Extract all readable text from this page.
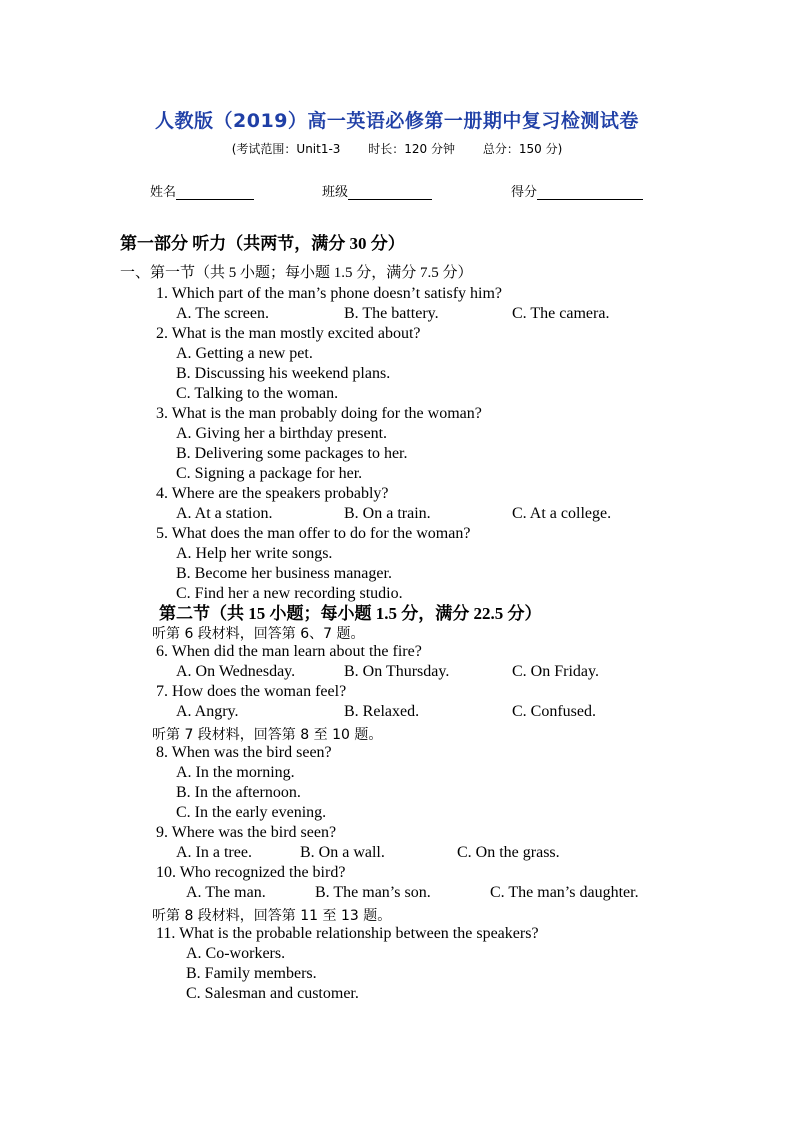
人教版（2019）高一英语必修第一册期中复习检测试卷
(考试范围：Unit1-3 时长：120 分钟 总分：150 分)
姓名	班级	得分
第一部分 听力（共两节，满分 30 分）
一、第一节（共 5 小题；每小题 1.5 分，满分 7.5 分）
1. Which part of the man’s phone doesn’t satisfy him?
A. The screen.	B. The battery.	C. The camera.
2. What is the man mostly excited about?
A. Getting a new pet.
B. Discussing his weekend plans.
C. Talking to the woman.
3. What is the man probably doing for the woman?
A. Giving her a birthday present.
B. Delivering some packages to her.
C. Signing a package for her.
4. Where are the speakers probably?
A. At a station.	B. On a train.	C. At a college.
5. What does the man offer to do for the woman?
A. Help her write songs.
B. Become her business manager.
C. Find her a new recording studio.
第二节（共 15 小题；每小题 1.5 分，满分 22.5 分）
听第 6 段材料，回答第 6、7 题。
6. When did the man learn about the fire?
A. On Wednesday.	B. On Thursday.	C. On Friday.
7. How does the woman feel?
A. Angry.	B. Relaxed.	C. Confused.
听第 7 段材料，回答第 8 至 10 题。
8. When was the bird seen?
A. In the morning.
B. In the afternoon.
C. In the early evening.
9. Where was the bird seen?
A. In a tree.	B. On a wall.	C. On the grass.
10. Who recognized the bird?
A. The man.	B. The man’s son.	C. The man’s daughter.
听第 8 段材料，回答第 11 至 13 题。
11. What is the probable relationship between the speakers?
A. Co-workers.
B. Family members.
C. Salesman and customer.
